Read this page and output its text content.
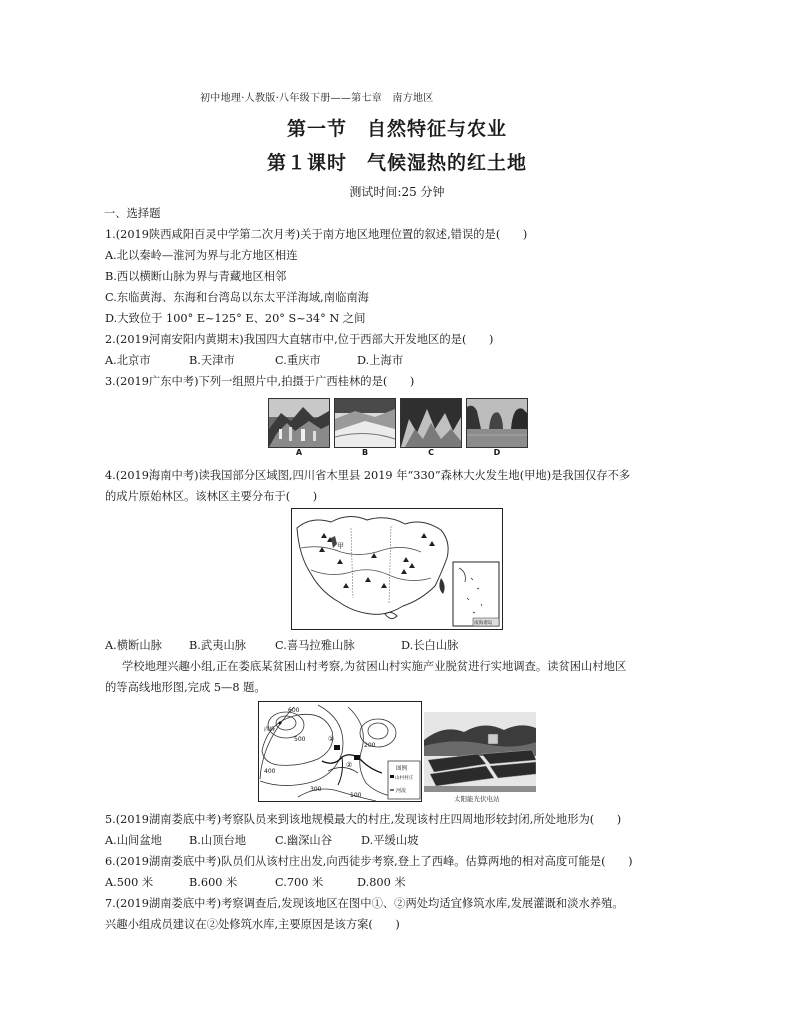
初中地理·人教版·八年级下册——第七章　南方地区
第一节　自然特征与农业
第１课时　气候湿热的红土地
测试时间:25 分钟
一、选择题
1.(2019陕西咸阳百灵中学第二次月考)关于南方地区地理位置的叙述,错误的是(　　)
A.北以秦岭—淮河为界与北方地区相连
B.西以横断山脉为界与青藏地区相邻
C.东临黄海、东海和台湾岛以东太平洋海域,南临南海
D.大致位于 100° E~125° E、20° S~34° N 之间
2.(2019河南安阳内黄期末)我国四大直辖市中,位于西部大开发地区的是(　　)
A.北京市	B.天津市	C.重庆市	D.上海市
3.(2019广东中考)下列一组照片中,拍摄于广西桂林的是(　　)
A	B	C	D
4.(2019海南中考)读我国部分区域图,四川省木里县 2019 年“330”森林大火发生地(甲地)是我国仅存不多
的成片原始林区。该林区主要分布于(　　)
甲
南海诸岛
A.横断山脉 B.武夷山脉	C.喜马拉雅山脉	D.长白山脉
学校地理兴趣小组,正在娄底某贫困山村考察,为贫困山村实施产业脱贫进行实地调查。读贫困山村地区
的等高线地形图,完成 5—8 题。
600
500
400
300
200
100
①
②
西峰
图例
山村村庄
河流
太阳能光伏电站
5.(2019湖南娄底中考)考察队员来到该地规模最大的村庄,发现该村庄四周地形较封闭,所处地形为(　　)
A.山间盆地 B.山顶台地	C.幽深山谷	D.平缓山坡
6.(2019湖南娄底中考)队员们从该村庄出发,向西徒步考察,登上了西峰。估算两地的相对高度可能是(　　)
A.500 米	B.600 米	C.700 米	D.800 米
7.(2019湖南娄底中考)考察调查后,发现该地区在图中①、②两处均适宜修筑水库,发展灌溉和淡水养殖。
兴趣小组成员建议在②处修筑水库,主要原因是该方案(　　)
